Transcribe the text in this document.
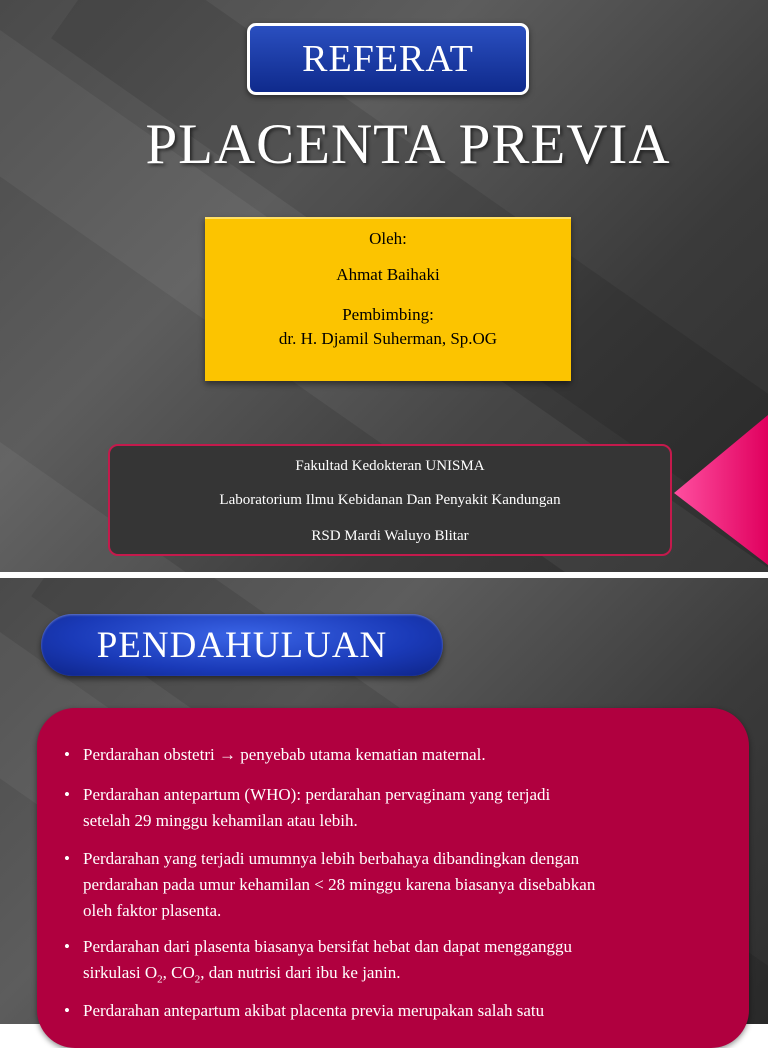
REFERAT
PLACENTA PREVIA
Oleh:
Ahmat Baihaki
Pembimbing:
dr. H. Djamil Suherman, Sp.OG
Fakultad Kedokteran UNISMA
Laboratorium Ilmu Kebidanan Dan Penyakit Kandungan
RSD Mardi Waluyo Blitar
PENDAHULUAN
• Perdarahan obstetri → penyebab utama kematian maternal.
• Perdarahan antepartum (WHO): perdarahan pervaginam yang terjadi
setelah 29 minggu kehamilan atau lebih.
• Perdarahan yang terjadi umumnya lebih berbahaya dibandingkan dengan
perdarahan pada umur kehamilan < 28 minggu karena biasanya disebabkan
oleh faktor plasenta.
• Perdarahan dari plasenta biasanya bersifat hebat dan dapat mengganggu
sirkulasi $O_2$, $CO_2$, dan nutrisi dari ibu ke janin.
• Perdarahan antepartum akibat placenta previa merupakan salah satu
